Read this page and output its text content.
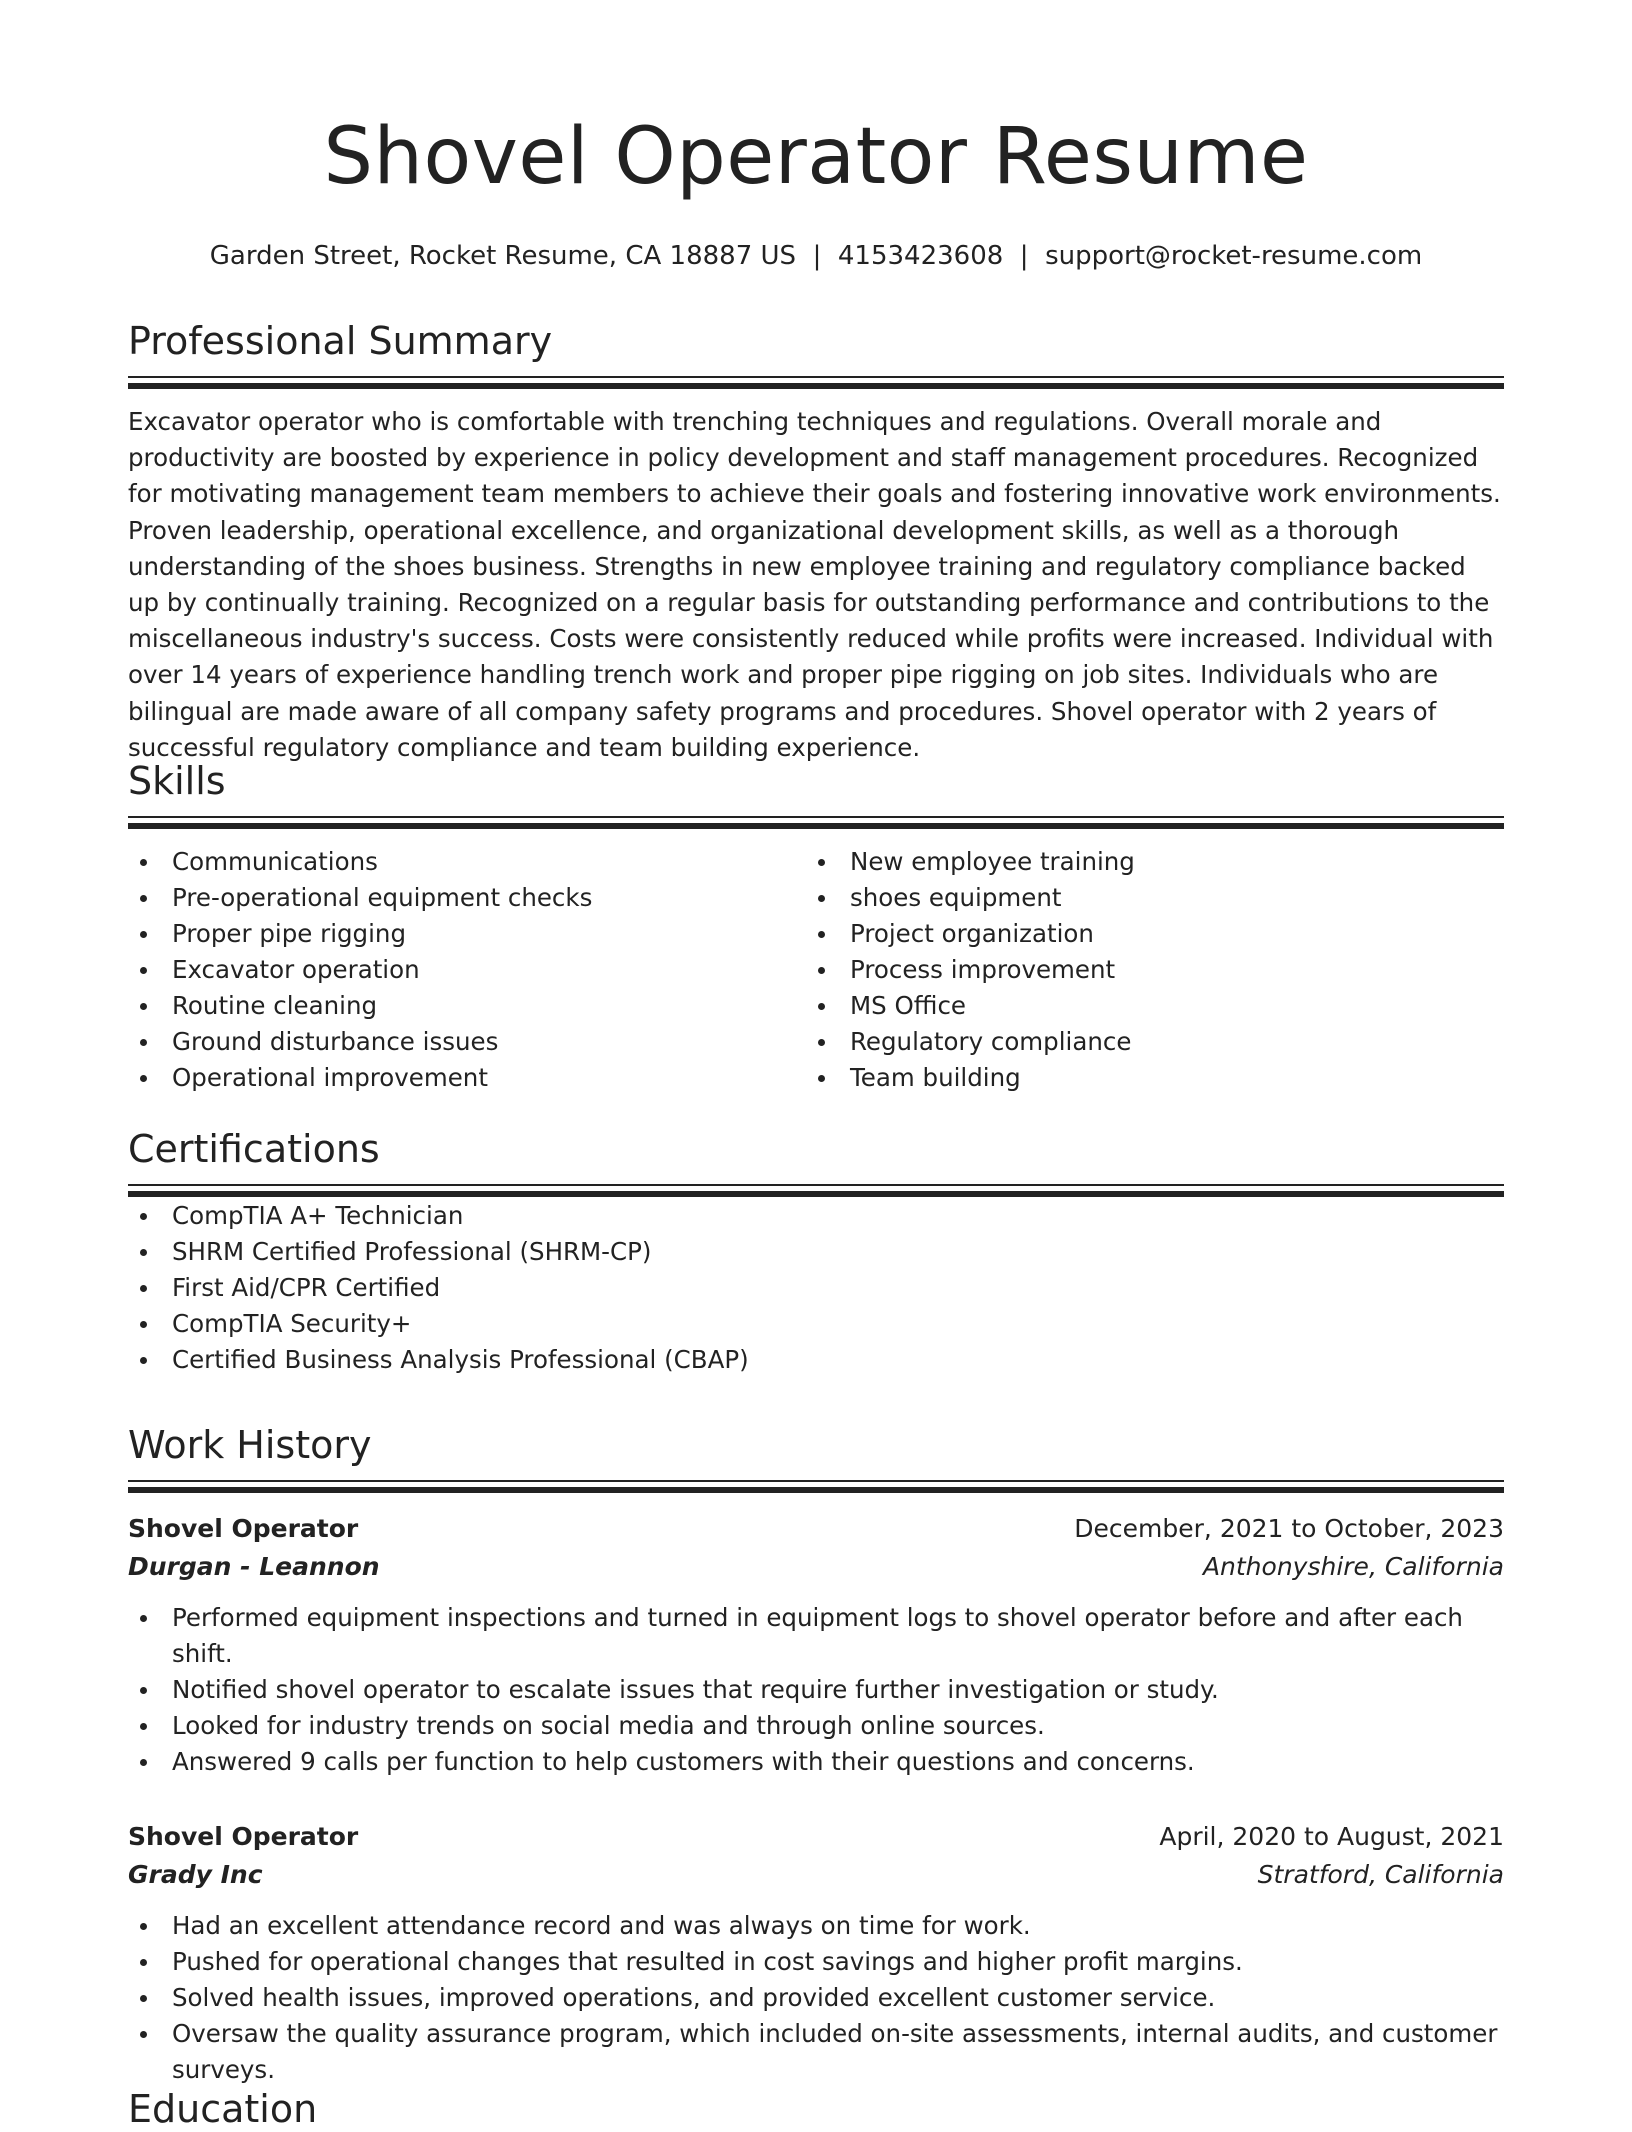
Shovel Operator Resume
Garden Street, Rocket Resume, CA 18887 US  |  4153423608  |  support@rocket-resume.com
Professional Summary

Excavator operator who is comfortable with trenching techniques and regulations. Overall morale and productivity are boosted by experience in policy development and staff management procedures. Recognized for motivating management team members to achieve their goals and fostering innovative work environments. Proven leadership, operational excellence, and organizational development skills, as well as a thorough understanding of the shoes business. Strengths in new employee training and regulatory compliance backed up by continually training. Recognized on a regular basis for outstanding performance and contributions to the miscellaneous industry's success. Costs were consistently reduced while profits were increased. Individual with over 14 years of experience handling trench work and proper pipe rigging on job sites. Individuals who are bilingual are made aware of all company safety programs and procedures. Shovel operator with 2 years of successful regulatory compliance and team building experience.

Skills
Communications
Pre-operational equipment checks
Proper pipe rigging
Excavator operation
Routine cleaning
Ground disturbance issues
Operational improvement
New employee training
shoes equipment
Project organization
Process improvement
MS Office
Regulatory compliance
Team building
Certifications
CompTIA A+ Technician
SHRM Certified Professional (SHRM-CP)
First Aid/CPR Certified
CompTIA Security+
Certified Business Analysis Professional (CBAP)
Work History
Shovel Operator	December, 2021 to October, 2023
Durgan - Leannon	Anthonyshire, California
Performed equipment inspections and turned in equipment logs to shovel operator before and after each shift.
Notified shovel operator to escalate issues that require further investigation or study.
Looked for industry trends on social media and through online sources.
Answered 9 calls per function to help customers with their questions and concerns.
Shovel Operator	April, 2020 to August, 2021
Grady Inc	Stratford, California
Had an excellent attendance record and was always on time for work.
Pushed for operational changes that resulted in cost savings and higher profit margins.
Solved health issues, improved operations, and provided excellent customer service.
Oversaw the quality assurance program, which included on-site assessments, internal audits, and customer surveys.
Education
